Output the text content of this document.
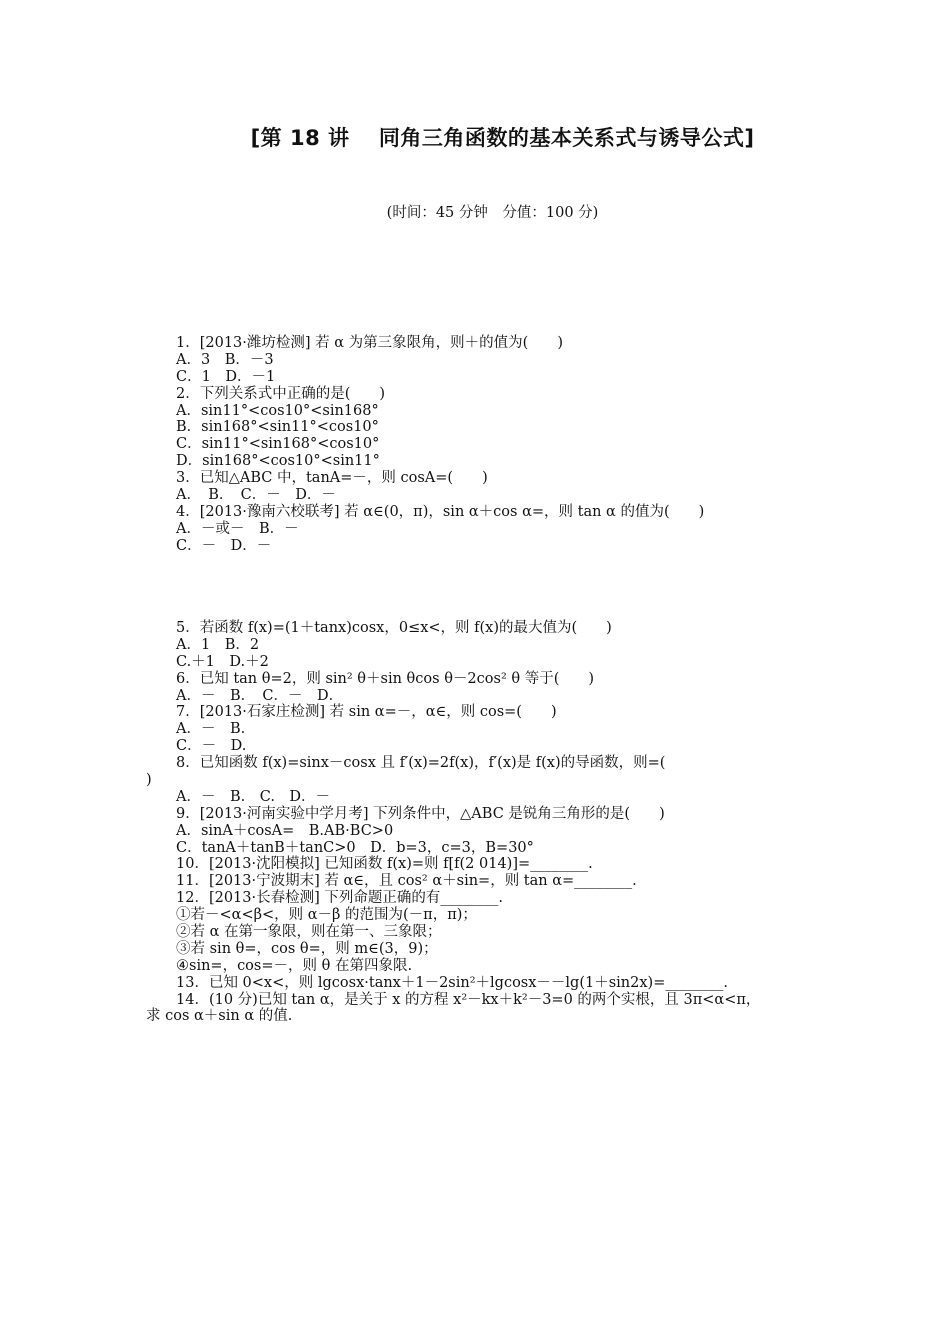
[第 18 讲　 同角三角函数的基本关系式与诱导公式]
(时间：45 分钟　分值：100 分)
1．[2013·潍坊检测] 若 α 为第三象限角，则＋的值为(　　)
A．3　B．－3
C．1　D．－1
2．下列关系式中正确的是(　　)
A．sin11°<cos10°<sin168°
B．sin168°<sin11°<cos10°
C．sin11°<sin168°<cos10°
D．sin168°<cos10°<sin11°
3．已知△ABC 中，tanA=－，则 cosA=(　　)
A．　B．　C．－　D．－
4．[2013·豫南六校联考] 若 α∈(0，π)，sin α＋cos α=，则 tan α 的值为(　　)
A．－或－　B．－
C．－　D．－
5．若函数 f(x)=(1＋tanx)cosx，0≤x<，则 f(x)的最大值为(　　)
A．1　B．2
C.＋1　D.＋2
6．已知 tan θ=2，则 sin² θ＋sin θcos θ－2cos² θ 等于(　　)
A．－　B．　C．－　D．
7．[2013·石家庄检测] 若 sin α=－，α∈，则 cos=(　　)
A．－　B.
C．－　D.
8．已知函数 f(x)=sinx－cosx 且 f′(x)=2f(x)，f′(x)是 f(x)的导函数，则=(
)
A．－　B.　C.　D．－
9．[2013·河南实验中学月考] 下列条件中，△ABC 是锐角三角形的是(　　)
A．sinA＋cosA=　B.AB·BC>0
C．tanA＋tanB＋tanC>0　D．b=3，c=3，B=30°
10．[2013·沈阳模拟] 已知函数 f(x)=则 f[f(2 014)]=________.
11．[2013·宁波期末] 若 α∈，且 cos² α＋sin=，则 tan α=________.
12．[2013·长春检测] 下列命题正确的有________.
①若－<α<β<，则 α－β 的范围为(－π，π)；
②若 α 在第一象限，则在第一、三象限；
③若 sin θ=，cos θ=，则 m∈(3，9)；
④sin=，cos=－，则 θ 在第四象限.
13．已知 0<x<，则 lgcosx·tanx＋1－2sin²＋lgcosx－－lg(1＋sin2x)=________.
14．(10 分)已知 tan α，是关于 x 的方程 x²－kx＋k²－3=0 的两个实根，且 3π<α<π，
求 cos α＋sin α 的值.
